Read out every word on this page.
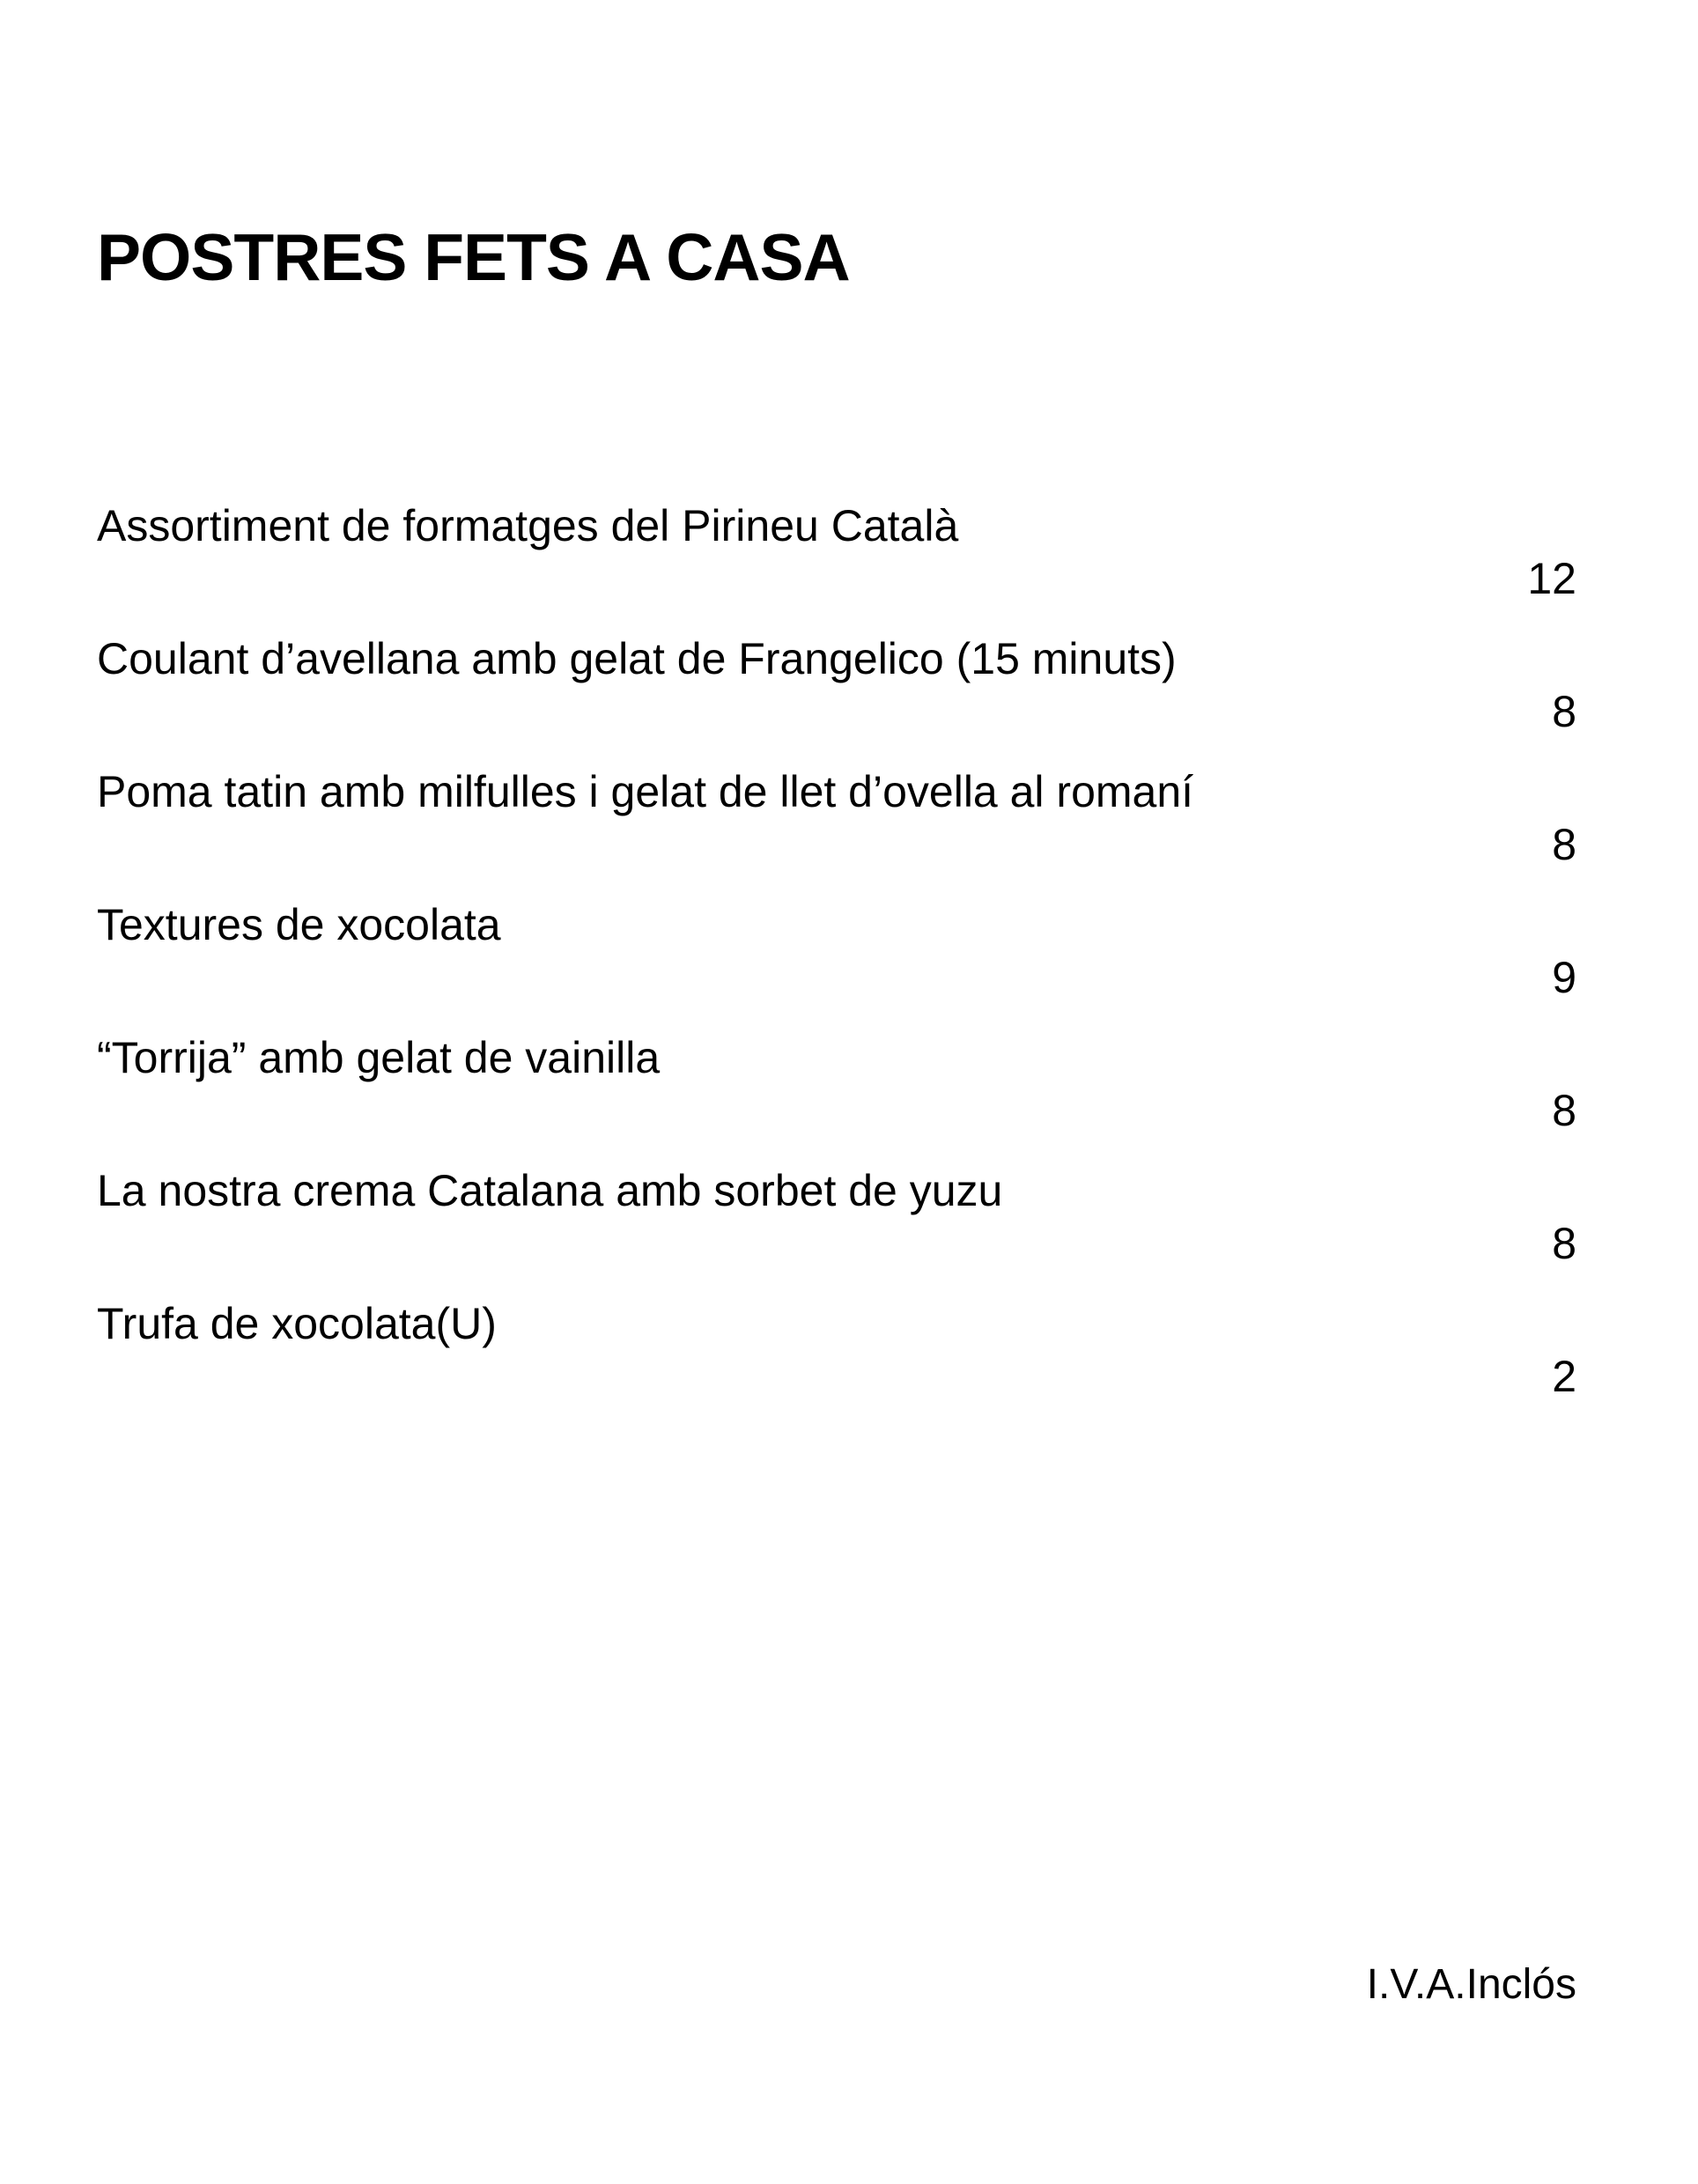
POSTRES FETS A CASA
Assortiment de formatges del Pirineu Català
12
Coulant d’avellana amb gelat de Frangelico (15 minuts)
8
Poma tatin amb milfulles i gelat de llet d’ovella al romaní
8
Textures de xocolata
9
“Torrija” amb gelat de vainilla
8
La nostra crema Catalana amb sorbet de yuzu
8
Trufa de xocolata(U)
2
I.V.A.Inclós
